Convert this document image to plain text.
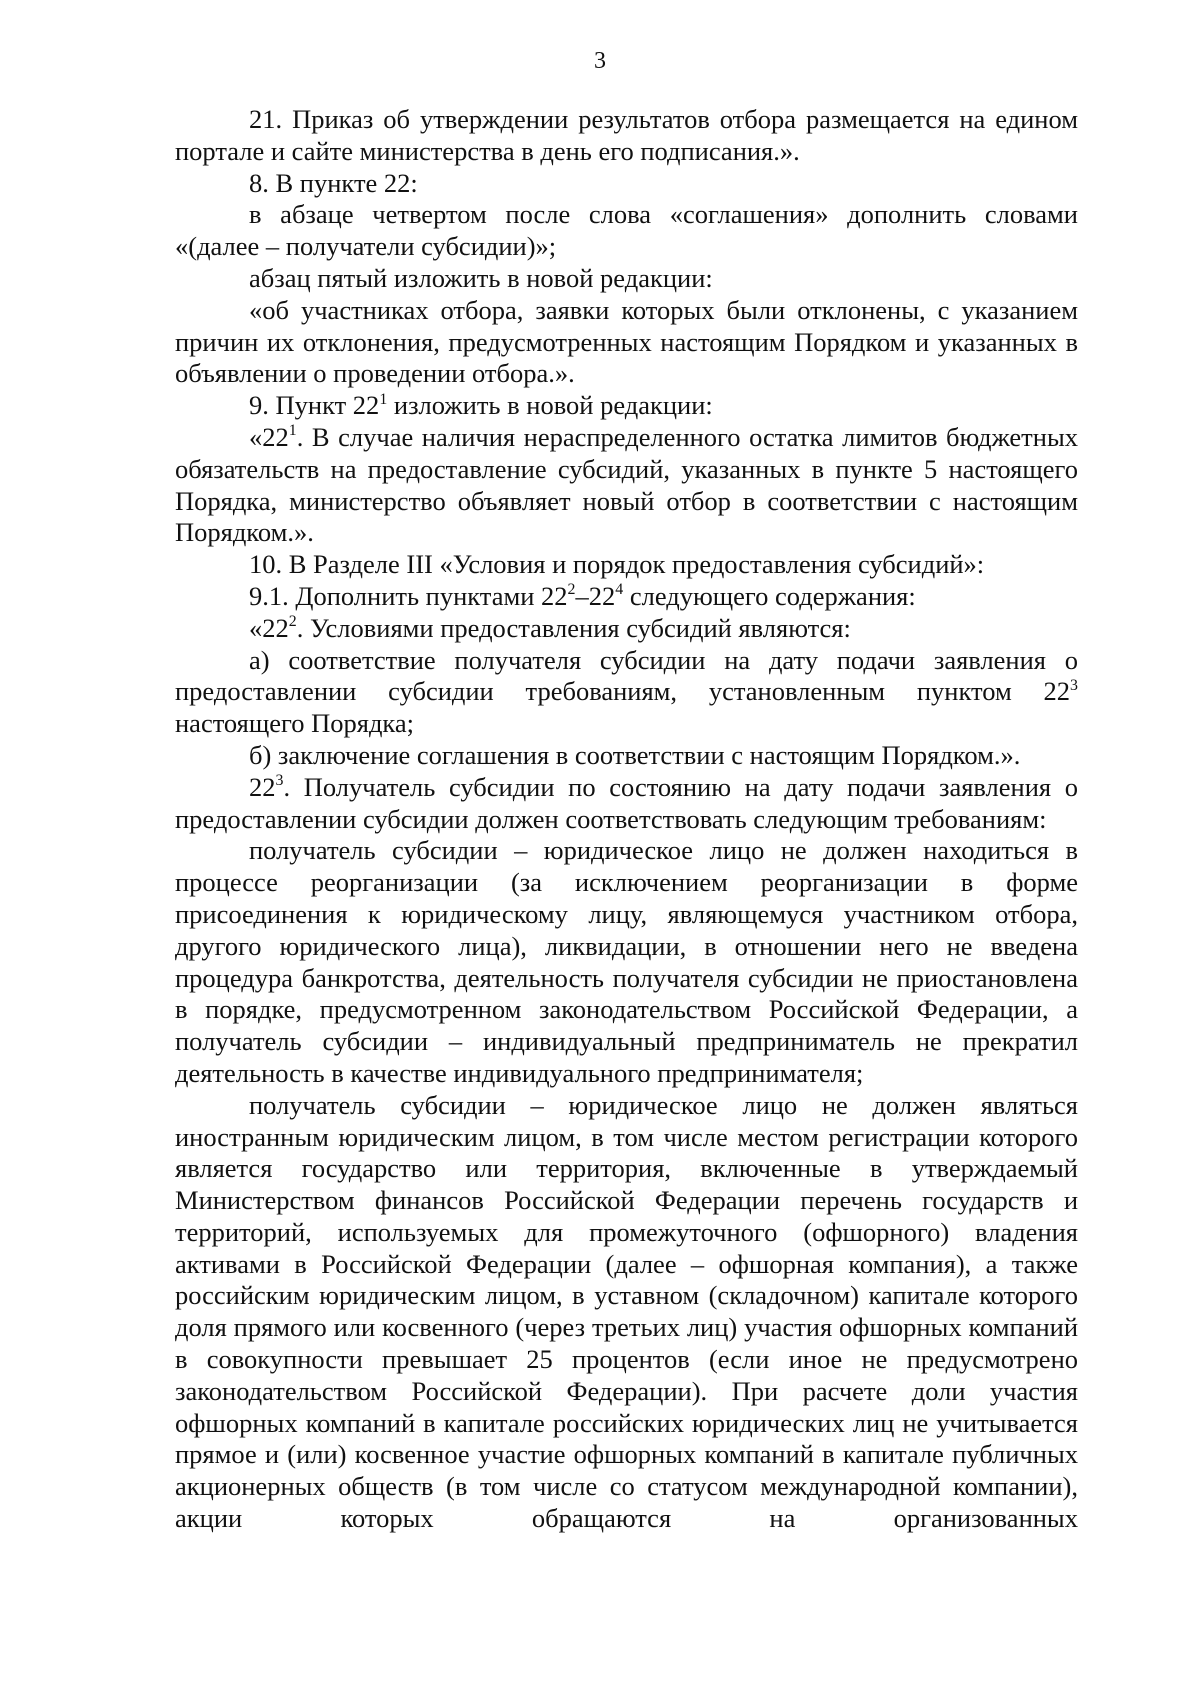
3

21. Приказ об утверждении результатов отбора размещается на едином порталe и сайте министерства в день его подписания.».

8. В пункте 22:

в абзаце четвертом после слова «соглашения» дополнить словами «(далее – получатели субсидии)»;

абзац пятый изложить в новой редакции:

«об участниках отбора, заявки которых были отклонены, с указанием причин их отклонения, предусмотренных настоящим Порядком и указанных в объявлении о проведении отбора.».

9. Пункт $22^1$ изложить в новой редакции:

«$22^1$. В случае наличия нераспределенного остатка лимитов бюджетных обязательств на предоставление субсидий, указанных в пункте 5 настоящего Порядка, министерство объявляет новый отбор в соответствии с настоящим Порядком.».

10. В Разделе III «Условия и порядок предоставления субсидий»:

9.1. Дополнить пунктами $22^2-22^4$ следующего содержания:

«$22^2$. Условиями предоставления субсидий являются:

а) соответствие получателя субсидии на дату подачи заявления о предоставлении субсидии требованиям, установленным пунктом $22^3$ настоящего Порядка;

б) заключение соглашения в соответствии с настоящим Порядком.».

$22^3$. Получатель субсидии по состоянию на дату подачи заявления о предоставлении субсидии должен соответствовать следующим требованиям:

получатель субсидии – юридическое лицо не должен находиться в процессе реорганизации (за исключением реорганизации в форме присоединения к юридическому лицу, являющемуся участником отбора, другого юридического лица), ликвидации, в отношении него не введена процедура банкротства, деятельность получателя субсидии не приостановлена в порядке, предусмотренном законодательством Российской Федерации, а получатель субсидии – индивидуальный предприниматель не прекратил деятельность в качестве индивидуального предпринимателя;

получатель субсидии – юридическое лицо не должен являться иностранным юридическим лицом, в том числе местом регистрации которого является государство или территория, включенные в утверждаемый Министерством финансов Российской Федерации перечень государств и территорий, используемых для промежуточного (офшорного) владения активами в Российской Федерации (далее – офшорная компания), а также российским юридическим лицом, в уставном (складочном) капитале которого доля прямого или косвенного (через третьих лиц) участия офшорных компаний в совокупности превышает 25 процентов (если иное не предусмотрено законодательством Российской Федерации). При расчете доли участия офшорных компаний в капитале российских юридических лиц не учитывается прямое и (или) косвенное участие офшорных компаний в капитале публичных акционерных обществ (в том числе со статусом международной компании), акции которых обращаются на организованных
